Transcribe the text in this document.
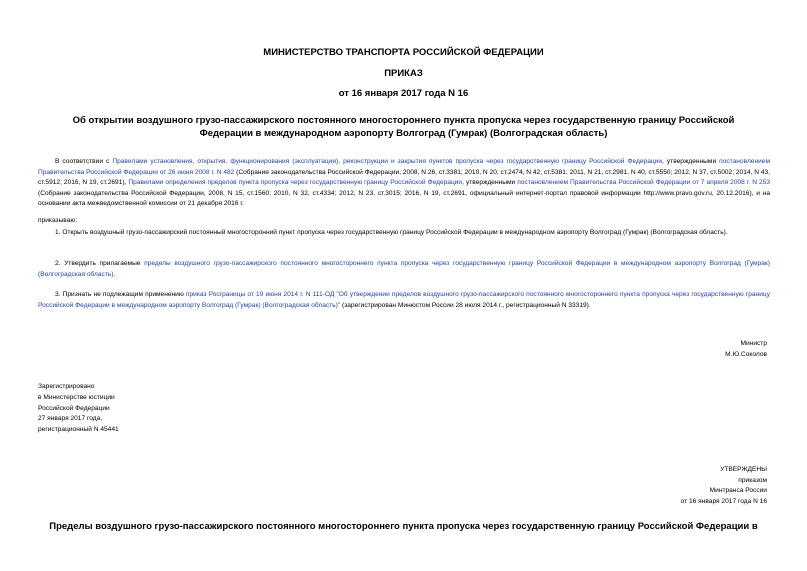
МИНИСТЕРСТВО ТРАНСПОРТА РОССИЙСКОЙ ФЕДЕРАЦИИ
ПРИКАЗ
от 16 января 2017 года N 16
Об открытии воздушного грузо-пассажирского постоянного многостороннего пункта пропуска через государственную границу Российской Федерации в международном аэропорту Волгоград (Гумрак) (Волгоградская область)
В соответствии с Правилами установления, открытия, функционирования (эксплуатации), реконструкции и закрытия пунктов пропуска через государственную границу Российской Федерации, утвержденными постановлением Правительства Российской Федерации от 26 июня 2008 г. N 482 (Собрание законодательства Российской Федерации, 2008, N 26, ст.3381; 2010, N 20, ст.2474, N 42, ст.5381; 2011, N 21, ст.2981, N 40, ст.5550; 2012, N 37, ст.5002; 2014, N 43, ст.5912; 2016, N 19, ст.2691), Правилами определения пределов пункта пропуска через государственную границу Российской Федерации, утвержденными постановлением Правительства Российской Федерации от 7 апреля 2008 г. N 253 (Собрание законодательства Российской Федерации, 2008, N 15, ст.1560; 2010, N 32, ст.4334; 2012, N 23, ст.3015; 2016, N 19, ст.2691, официальный интернет-портал правовой информации http://www.pravo.gov.ru, 20.12.2016), и на основании акта межведомственной комиссии от 21 декабря 2016 г.
приказываю:
1. Открыть воздушный грузо-пассажирский постоянный многосторонний пункт пропуска через государственную границу Российской Федерации в международном аэропорту Волгоград (Гумрак) (Волгоградская область).
2. Утвердить прилагаемые пределы воздушного грузо-пассажирского постоянного многостороннего пункта пропуска через государственную границу Российской Федерации в международном аэропорту Волгоград (Гумрак) (Волгоградская область).
3. Признать не подлежащим применению приказ Росграницы от 19 июня 2014 г. N 111-ОД "Об утверждении пределов воздушного грузо-пассажирского постоянного многостороннего пункта пропуска через государственную границу Российской Федерации в международном аэропорту Волгоград (Гумрак) (Волгоградская область)" (зарегистрирован Минюстом России 28 июля 2014 г., регистрационный N 33319).
Министр
М.Ю.Соколов
Зарегистрировано
в Министерстве юстиции
Российской Федерации
27 января 2017 года,
регистрационный N 45441
УТВЕРЖДЕНЫ
приказом
Минтранса России
от 16 января 2017 года N 16
Пределы воздушного грузо-пассажирского постоянного многостороннего пункта пропуска через государственную границу Российской Федерации в
